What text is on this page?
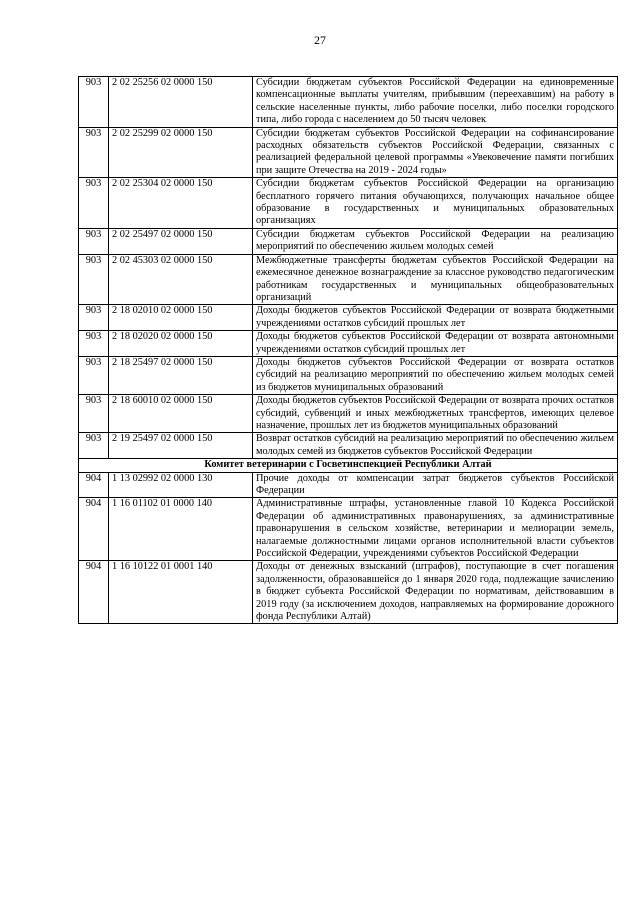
27
903	2 02 25256 02 0000 150	Субсидии бюджетам субъектов Российской Федерации на единовременные компенсационные выплаты учителям, прибывшим (переехавшим) на работу в сельские населенные пункты, либо рабочие поселки, либо поселки городского типа, либо города с населением до 50 тысяч человек
903	2 02 25299 02 0000 150	Субсидии бюджетам субъектов Российской Федерации на софинансирование расходных обязательств субъектов Российской Федерации, связанных с реализацией федеральной целевой программы «Увековечение памяти погибших при защите Отечества на 2019 - 2024 годы»
903	2 02 25304 02 0000 150	Субсидии бюджетам субъектов Российской Федерации на организацию бесплатного горячего питания обучающихся, получающих начальное общее образование в государственных и муниципальных образовательных организациях
903	2 02 25497 02 0000 150	Субсидии бюджетам субъектов Российской Федерации на реализацию мероприятий по обеспечению жильем молодых семей
903	2 02 45303 02 0000 150	Межбюджетные трансферты бюджетам субъектов Российской Федерации на ежемесячное денежное вознаграждение за классное руководство педагогическим работникам государственных и муниципальных общеобразовательных организаций
903	2 18 02010 02 0000 150	Доходы бюджетов субъектов Российской Федерации от возврата бюджетными учреждениями остатков субсидий прошлых лет
903	2 18 02020 02 0000 150	Доходы бюджетов субъектов Российской Федерации от возврата автономными учреждениями остатков субсидий прошлых лет
903	2 18 25497 02 0000 150	Доходы бюджетов субъектов Российской Федерации от возврата остатков субсидий на реализацию мероприятий по обеспечению жильем молодых семей из бюджетов муниципальных образований
903	2 18 60010 02 0000 150	Доходы бюджетов субъектов Российской Федерации от возврата прочих остатков субсидий, субвенций и иных межбюджетных трансфертов, имеющих целевое назначение, прошлых лет из бюджетов муниципальных образований
903	2 19 25497 02 0000 150	Возврат остатков субсидий на реализацию мероприятий по обеспечению жильем молодых семей из бюджетов субъектов Российской Федерации
Комитет ветеринарии с Госветинспекцией Республики Алтай		
904	1 13 02992 02 0000 130	Прочие доходы от компенсации затрат бюджетов субъектов Российской Федерации
904	1 16 01102 01 0000 140	Административные штрафы, установленные главой 10 Кодекса Российской Федерации об административных правонарушениях, за административные правонарушения в сельском хозяйстве, ветеринарии и мелиорации земель, налагаемые должностными лицами органов исполнительной власти субъектов Российской Федерации, учреждениями субъектов Российской Федерации
904	1 16 10122 01 0001 140	Доходы от денежных взысканий (штрафов), поступающие в счет погашения задолженности, образовавшейся до 1 января 2020 года, подлежащие зачислению в бюджет субъекта Российской Федерации по нормативам, действовавшим в 2019 году (за исключением доходов, направляемых на формирование дорожного фонда Республики Алтай)
